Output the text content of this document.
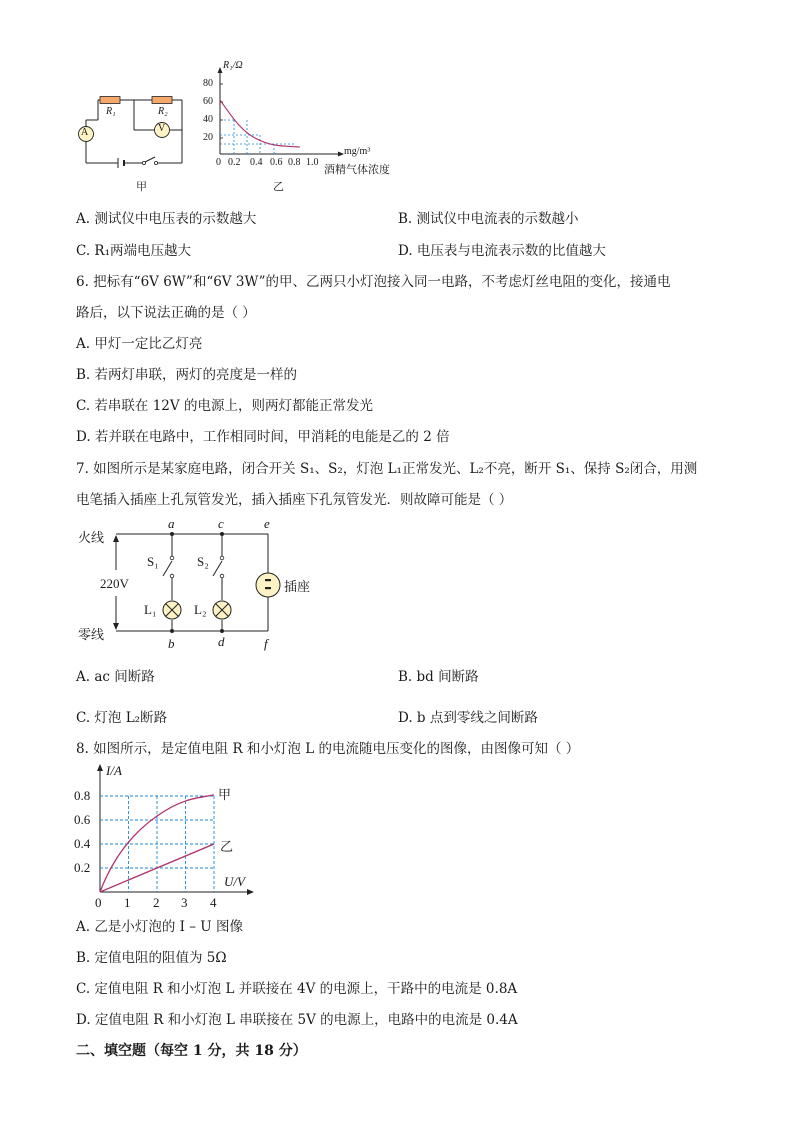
A	V
R₁	R₂
甲
R₁/Ω
80
60
40
20
0 0.2 0.4 0.6 0.8 1.0
mg/m³
酒精气体浓度
乙
A. 测试仪中电压表的示数越大	B. 测试仪中电流表的示数越小
C. R₁两端电压越大	D. 电压表与电流表示数的比值越大
6. 把标有“6V 6W”和“6V 3W”的甲、乙两只小灯泡接入同一电路，不考虑灯丝电阻的变化，接通电
路后，以下说法正确的是（ ）
A. 甲灯一定比乙灯亮
B. 若两灯串联，两灯的亮度是一样的
C. 若串联在 12V 的电源上，则两灯都能正常发光
D. 若并联在电路中，工作相同时间，甲消耗的电能是乙的 2 倍
7. 如图所示是某家庭电路，闭合开关 S₁、S₂，灯泡 L₁正常发光、L₂不亮，断开 S₁、保持 S₂闭合，用测
电笔插入插座上孔氖管发光，插入插座下孔氖管发光．则故障可能是（ ）
火线
零线
220V
a	c	e
b	d	f
S₁	S₂
L₁	L₂
插座
A. ac 间断路	B. bd 间断路
C. 灯泡 L₂断路	D. b 点到零线之间断路
8. 如图所示，是定值电阻 R 和小灯泡 L 的电流随电压变化的图像，由图像可知（ ）
I/A
0.8
0.6
0.4
0.2
0 1 2 3 4
U/V
甲
乙
A. 乙是小灯泡的 I – U 图像
B. 定值电阻的阻值为 5Ω
C. 定值电阻 R 和小灯泡 L 并联接在 4V 的电源上，干路中的电流是 0.8A
D. 定值电阻 R 和小灯泡 L 串联接在 5V 的电源上，电路中的电流是 0.4A
二、填空题（每空 1 分，共 18 分）
